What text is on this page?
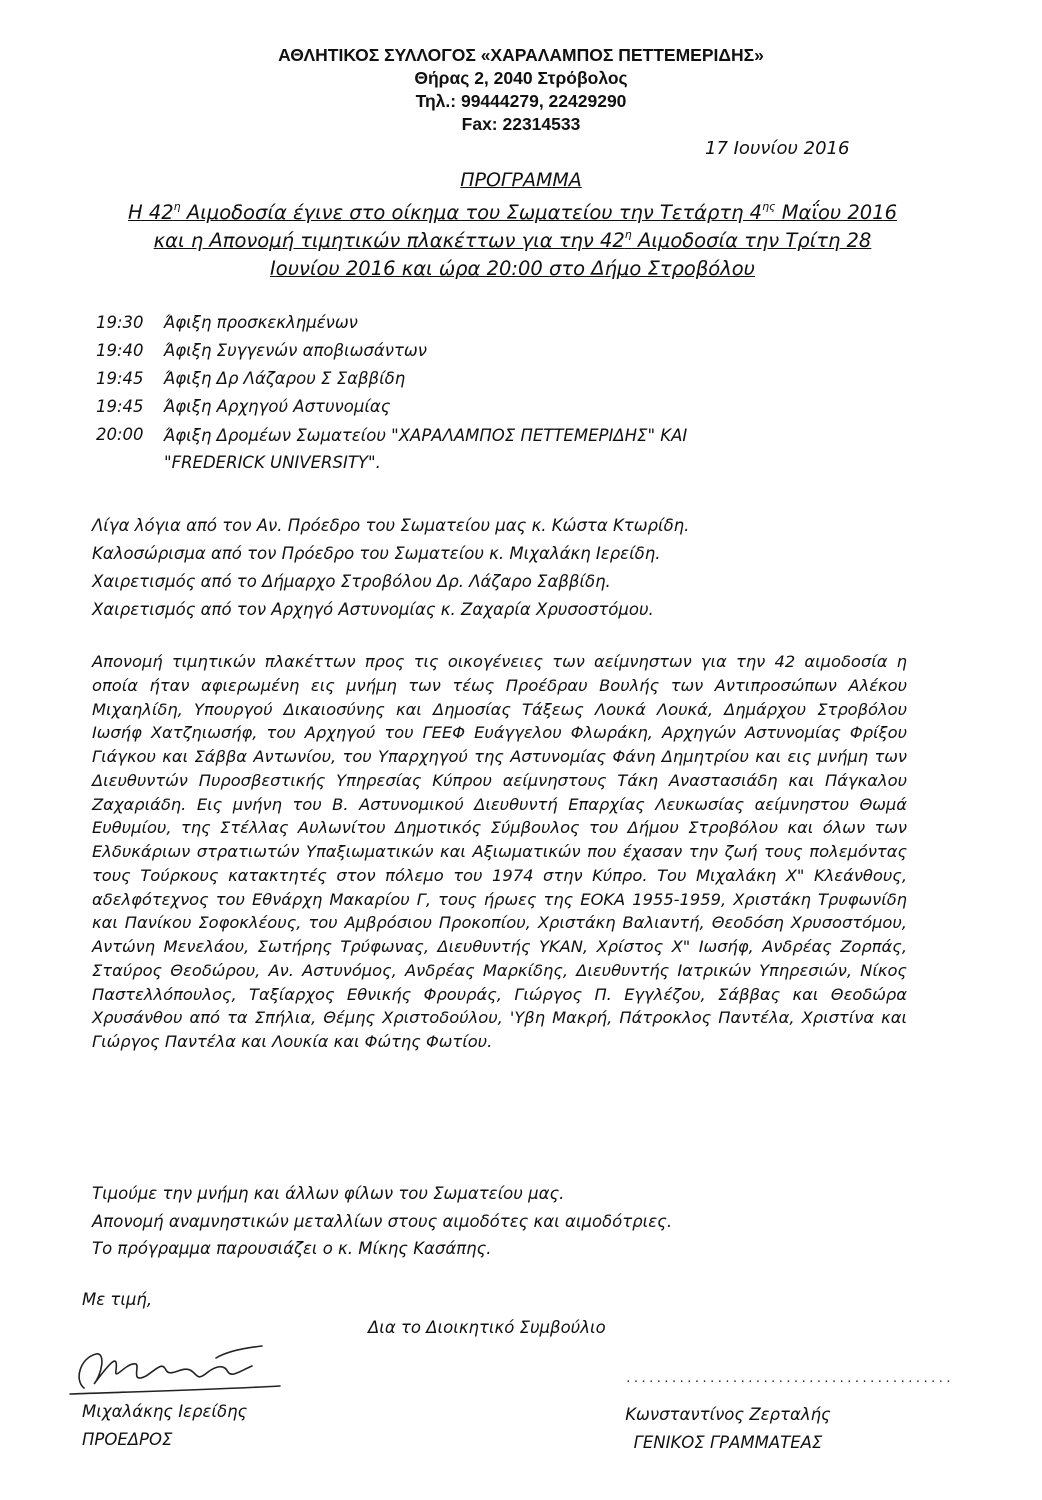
ΑΘΛΗΤΙΚΟΣ ΣΥΛΛΟΓΟΣ «ΧΑΡΑΛΑΜΠΟΣ ΠΕΤΤΕΜΕΡΙΔΗΣ»
Θήρας 2, 2040 Στρόβολος
Τηλ.: 99444279, 22429290
Fax: 22314533
17 Ιουνίου 2016
ΠΡΟΓΡΑΜΜΑ
Η $42^\eta$ Αιμοδοσία έγινε στο οίκημα του Σωματείου την Τετάρτη $4^{\eta\varsigma}$ Μαΐου 2016
και η Απονομή τιμητικών πλακέττων για την $42^\eta$ Αιμοδοσία την Τρίτη 28
Ιουνίου 2016 και ώρα 20:00 στο Δήμο Στροβόλου
19:30	Άφιξη προσκεκλημένων
19:40	Άφιξη Συγγενών αποβιωσάντων
19:45	Άφιξη Δρ Λάζαρου Σ Σαββίδη
19:45	Άφιξη Αρχηγού Αστυνομίας
20:00	Άφιξη Δρομέων Σωματείου "ΧΑΡΑΛΑΜΠΟΣ ΠΕΤΤΕΜΕΡΙΔΗΣ" ΚΑΙ
"FREDERICK UNIVERSITY".
Λίγα λόγια από τον Αν. Πρόεδρο του Σωματείου μας κ. Κώστα Κτωρίδη.
Καλοσώρισμα από τον Πρόεδρο του Σωματείου κ. Μιχαλάκη Ιερείδη.
Χαιρετισμός από το Δήμαρχο Στροβόλου Δρ. Λάζαρο Σαββίδη.
Χαιρετισμός από τον Αρχηγό Αστυνομίας κ. Ζαχαρία Χρυσοστόμου.
Απονομή τιμητικών πλακέττων προς τις οικογένειες των αείμνηστων για την 42 αιμοδοσία η οποία ήταν αφιερωμένη εις μνήμη των τέως Προέδραυ Βουλής των Αντιπροσώπων Αλέκου Μιχαηλίδη, Υπουργού Δικαιοσύνης και Δημοσίας Τάξεως Λουκά Λουκά, Δημάρχου Στροβόλου Ιωσήφ Χατζηιωσήφ, του Αρχηγού του ΓΕΕΦ Ευάγγελου Φλωράκη, Αρχηγών Αστυνομίας Φρίξου Γιάγκου και Σάββα Αντωνίου, του Υπαρχηγού της Αστυνομίας Φάνη Δημητρίου και εις μνήμη των Διευθυντών Πυροσβεστικής Υπηρεσίας Κύπρου αείμνηστους Τάκη Αναστασιάδη και Πάγκαλου Ζαχαριάδη. Εις μνήνη του Β. Αστυνομικού Διευθυντή Επαρχίας Λευκωσίας αείμνηστου Θωμά Ευθυμίου, της Στέλλας Αυλωνίτου Δημοτικός Σύμβουλος του Δήμου Στροβόλου και όλων των Ελδυκάριων στρατιωτών Υπαξιωματικών και Αξιωματικών που έχασαν την ζωή τους πολεμόντας τους Τούρκους κατακτητές στον πόλεμο του 1974 στην Κύπρο. Του Μιχαλάκη Χ" Κλεάνθους, αδελφότεχνος του Εθνάρχη Μακαρίου Γ, τους ήρωες της ΕΟΚΑ 1955-1959, Χριστάκη Τρυφωνίδη και Πανίκου Σοφοκλέους, του Αμβρόσιου Προκοπίου, Χριστάκη Βαλιαντή, Θεοδόση Χρυσοστόμου, Αντώνη Μενελάου, Σωτήρης Τρύφωνας, Διευθυντής ΥΚΑΝ, Χρίστος Χ" Ιωσήφ, Ανδρέας Ζορπάς, Σταύρος Θεοδώρου, Αν. Αστυνόμος, Ανδρέας Μαρκίδης, Διευθυντής Ιατρικών Υπηρεσιών, Νίκος Παστελλόπουλος, Ταξίαρχος Εθνικής Φρουράς, Γιώργος Π. Εγγλέζου, Σάββας και Θεοδώρα Χρυσάνθου από τα Σπήλια, Θέμης Χριστοδούλου, 'Υβη Μακρή, Πάτροκλος Παντέλα, Χριστίνα και Γιώργος Παντέλα και Λουκία και Φώτης Φωτίου.
Τιμούμε την μνήμη και άλλων φίλων του Σωματείου μας.
Απονομή αναμνηστικών μεταλλίων στους αιμοδότες και αιμοδότριες.
Το πρόγραμμα παρουσιάζει ο κ. Μίκης Κασάπης.
Με τιμή,
Δια το Διοικητικό Συμβούλιο
...........................................
Μιχαλάκης Ιερείδης
ΠΡΟΕΔΡΟΣ
Κωνσταντίνος Ζερταλής
ΓΕΝΙΚΟΣ ΓΡΑΜΜΑΤΕΑΣ
